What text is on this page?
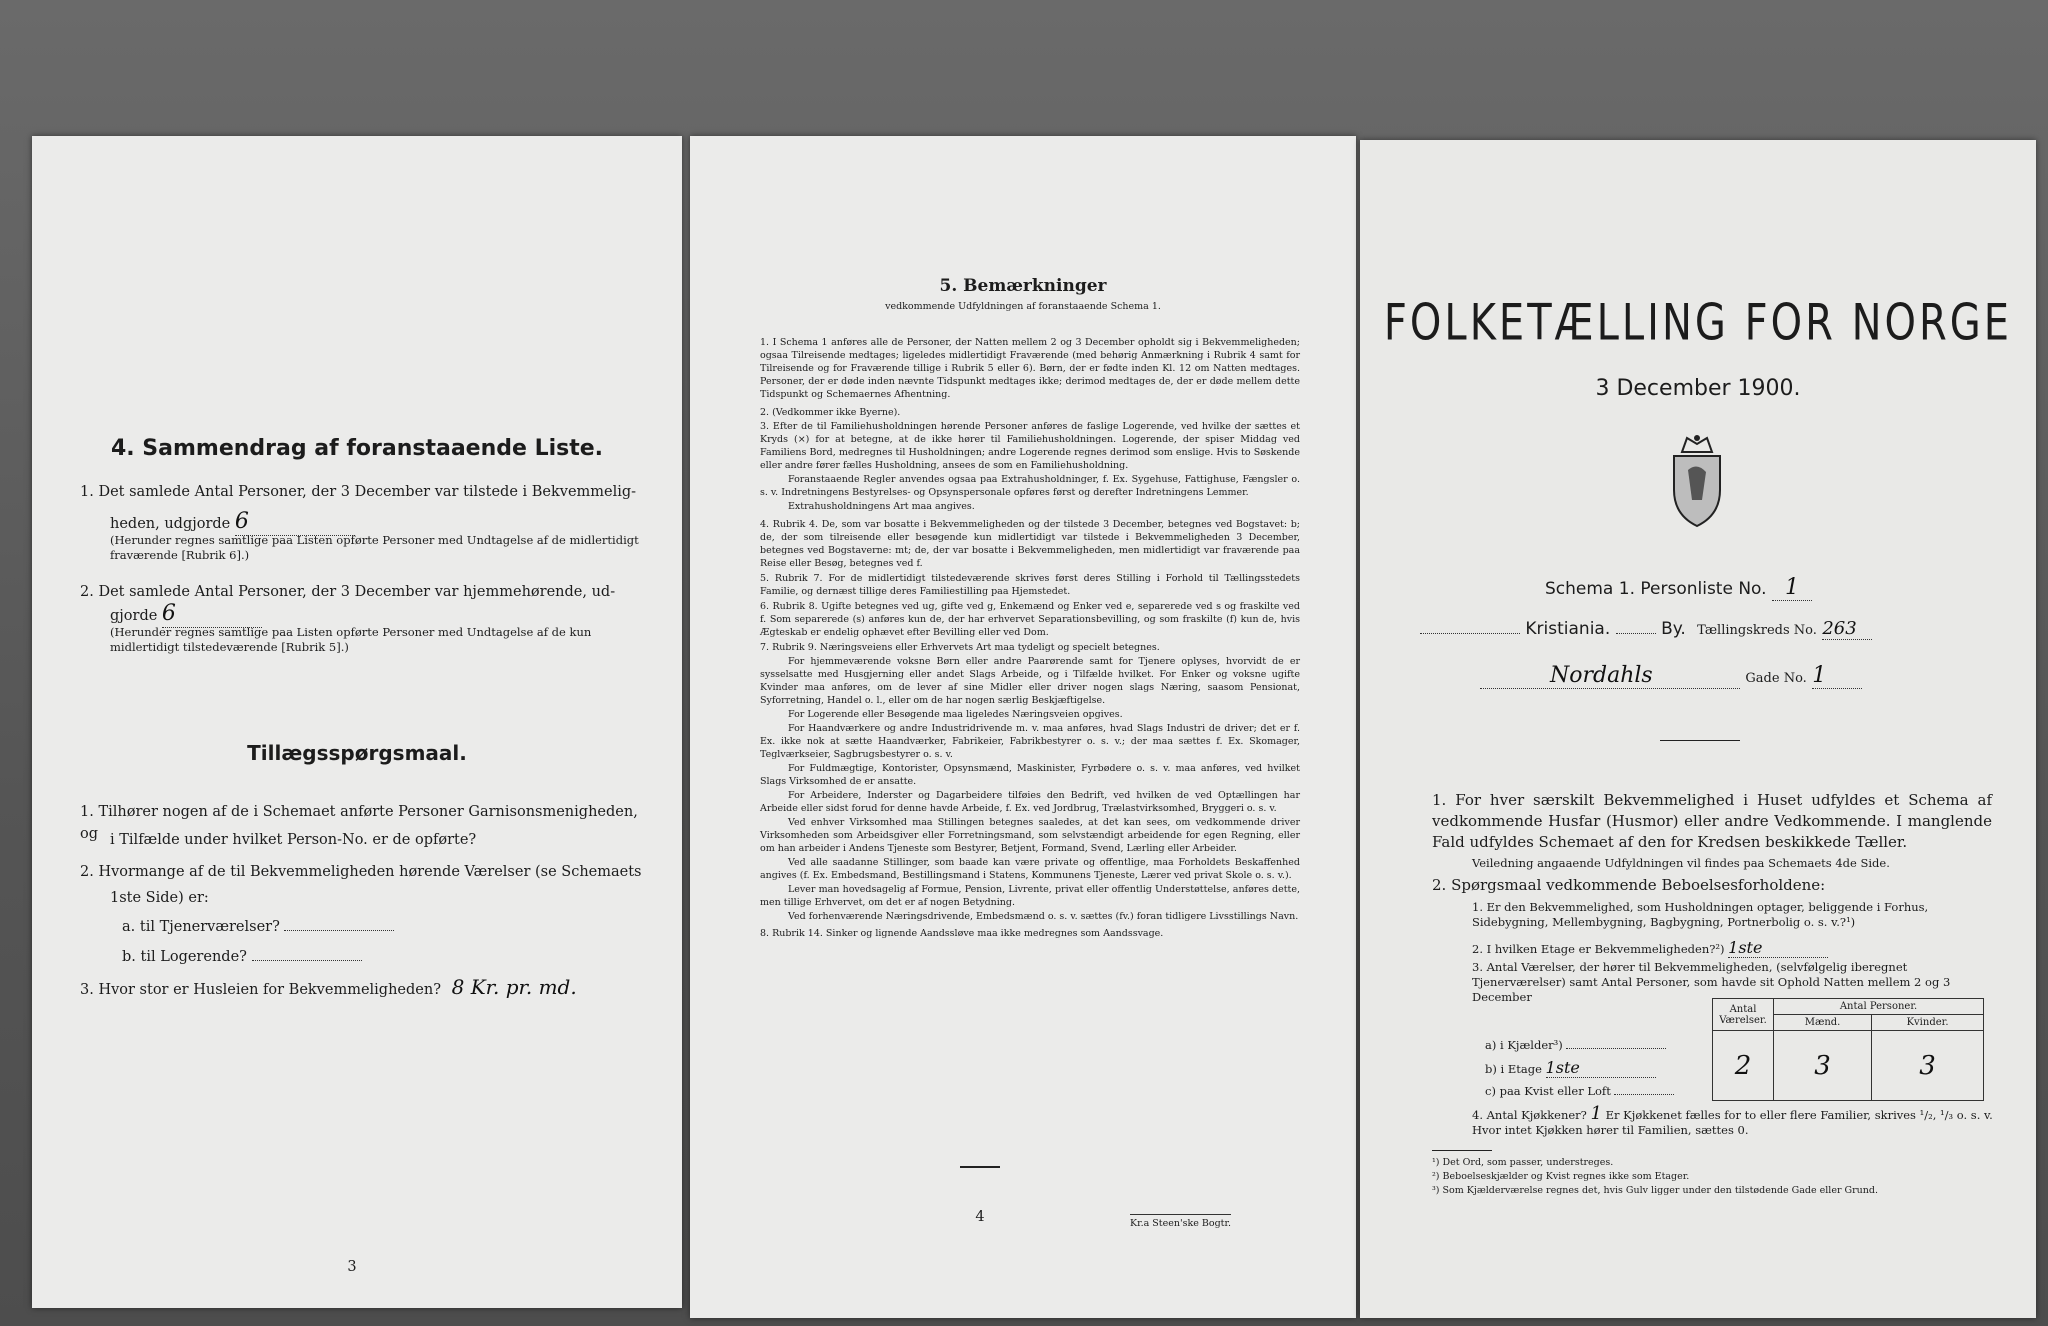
4. Sammendrag af foranstaaende Liste.
1. Det samlede Antal Personer, der 3 December var tilstede i Bekvemmelig-
heden, udgjorde 6
(Herunder regnes samtlige paa Listen opførte Personer med Undtagelse af de midlertidigt fraværende [Rubrik 6].)
2. Det samlede Antal Personer, der 3 December var hjemmehørende, ud-
gjorde 6
(Herunder regnes samtlige paa Listen opførte Personer med Undtagelse af de kun midlertidigt tilstedeværende [Rubrik 5].)
Tillægsspørgsmaal.
1. Tilhører nogen af de i Schemaet anførte Personer Garnisonsmenigheden, og i Tilfælde under hvilket Person-No. er de opførte?
2. Hvormange af de til Bekvemmeligheden hørende Værelser (se Schemaets
1ste Side) er:
a. til Tjenerværelser?
b. til Logerende?
3. Hvor stor er Husleien for Bekvemmeligheden? 8 Kr. pr. md.
3
5. Bemærkninger
vedkommende Udfyldningen af foranstaaende Schema 1.
1. I Schema 1 anføres alle de Personer, der Natten mellem 2 og 3 December opholdt sig i Bekvemmeligheden; ogsaa Tilreisende medtages; ligeledes midlertidigt Fraværende (med behørig Anmærkning i Rubrik 4 samt for Tilreisende og for Fraværende tillige i Rubrik 5 eller 6). Børn, der er fødte inden Kl. 12 om Natten medtages. Personer, der er døde inden nævnte Tidspunkt medtages ikke; derimod medtages de, der er døde mellem dette Tidspunkt og Schemaernes Afhentning.
2. (Vedkommer ikke Byerne).
3. Efter de til Familiehusholdningen hørende Personer anføres de faslige Logerende, ved hvilke der sættes et Kryds (×) for at betegne, at de ikke hører til Familiehusholdningen. Logerende, der spiser Middag ved Familiens Bord, medregnes til Husholdningen; andre Logerende regnes derimod som enslige. Hvis to Søskende eller andre fører fælles Husholdning, ansees de som en Familiehusholdning.
Foranstaaende Regler anvendes ogsaa paa Extrahusholdninger, f. Ex. Sygehuse, Fattighuse, Fængsler o. s. v. Indretningens Bestyrelses- og Opsynspersonale opføres først og derefter Indretningens Lemmer.
Extrahusholdningens Art maa angives.
4. Rubrik 4. De, som var bosatte i Bekvemmeligheden og der tilstede 3 December, betegnes ved Bogstavet: b; de, der som tilreisende eller besøgende kun midlertidigt var tilstede i Bekvemmeligheden 3 December, betegnes ved Bogstaverne: mt; de, der var bosatte i Bekvemmeligheden, men midlertidigt var fraværende paa Reise eller Besøg, betegnes ved f.
5. Rubrik 7. For de midlertidigt tilstedeværende skrives først deres Stilling i Forhold til Tællingsstedets Familie, og dernæst tillige deres Familiestilling paa Hjemstedet.
6. Rubrik 8. Ugifte betegnes ved ug, gifte ved g, Enkemænd og Enker ved e, separerede ved s og fraskilte ved f. Som separerede (s) anføres kun de, der har erhvervet Separationsbevilling, og som fraskilte (f) kun de, hvis Ægteskab er endelig ophævet efter Bevilling eller ved Dom.
7. Rubrik 9. Næringsveiens eller Erhvervets Art maa tydeligt og specielt betegnes.
For hjemmeværende voksne Børn eller andre Paarørende samt for Tjenere oplyses, hvorvidt de er sysselsatte med Husgjerning eller andet Slags Arbeide, og i Tilfælde hvilket. For Enker og voksne ugifte Kvinder maa anføres, om de lever af sine Midler eller driver nogen slags Næring, saasom Pensionat, Syforretning, Handel o. l., eller om de har nogen særlig Beskjæftigelse.
For Logerende eller Besøgende maa ligeledes Næringsveien opgives.
For Haandværkere og andre Industridrivende m. v. maa anføres, hvad Slags Industri de driver; det er f. Ex. ikke nok at sætte Haandværker, Fabrikeier, Fabrikbestyrer o. s. v.; der maa sættes f. Ex. Skomager, Teglværkseier, Sagbrugsbestyrer o. s. v.
For Fuldmægtige, Kontorister, Opsynsmænd, Maskinister, Fyrbødere o. s. v. maa anføres, ved hvilket Slags Virksomhed de er ansatte.
For Arbeidere, Inderster og Dagarbeidere tilføies den Bedrift, ved hvilken de ved Optællingen har Arbeide eller sidst forud for denne havde Arbeide, f. Ex. ved Jordbrug, Trælastvirksomhed, Bryggeri o. s. v.
Ved enhver Virksomhed maa Stillingen betegnes saaledes, at det kan sees, om vedkommende driver Virksomheden som Arbeidsgiver eller Forretningsmand, som selvstændigt arbeidende for egen Regning, eller om han arbeider i Andens Tjeneste som Bestyrer, Betjent, Formand, Svend, Lærling eller Arbeider.
Ved alle saadanne Stillinger, som baade kan være private og offentlige, maa Forholdets Beskaffenhed angives (f. Ex. Embedsmand, Bestillingsmand i Statens, Kommunens Tjeneste, Lærer ved privat Skole o. s. v.).
Lever man hovedsagelig af Formue, Pension, Livrente, privat eller offentlig Understøttelse, anføres dette, men tillige Erhvervet, om det er af nogen Betydning.
Ved forhenværende Næringsdrivende, Embedsmænd o. s. v. sættes (fv.) foran tidligere Livsstillings Navn.
8. Rubrik 14. Sinker og lignende Aandssløve maa ikke medregnes som Aandssvage.
4	Kr.a Steen'ske Bogtr.
FOLKETÆLLING FOR NORGE
3 December 1900.
Schema 1. Personliste No. 1
Kristiania.	By. Tællingskreds No. 263
Nordahls	Gade No. 1
1. For hver særskilt Bekvemmelighed i Huset udfyldes et Schema af vedkommende Husfar (Husmor) eller andre Vedkommende. I manglende Fald udfyldes Schemaet af den for Kredsen beskikkede Tæller.
Veiledning angaaende Udfyldningen vil findes paa Schemaets 4de Side.
2. Spørgsmaal vedkommende Beboelsesforholdene:
1. Er den Bekvemmelighed, som Husholdningen optager, beliggende i Forhus, Sidebygning, Mellembygning, Bagbygning, Portnerbolig o. s. v.?¹)
2. I hvilken Etage er Bekvemmeligheden?²) 1ste
3. Antal Værelser, der hører til Bekvemmeligheden, (selvfølgelig iberegnet Tjenerværelser) samt Antal Personer, som havde sit Ophold Natten mellem 2 og 3 December
Antal Værelser.	Antal Personer.	
	Mænd.	Kvinder.
2	3	3
a) i Kjælder³)
b) i Etage 1ste
c) paa Kvist eller Loft
4. Antal Kjøkkener? 1 Er Kjøkkenet fælles for to eller flere Familier, skrives ¹/₂, ¹/₃ o. s. v. Hvor intet Kjøkken hører til Familien, sættes 0.
¹) Det Ord, som passer, understreges.
²) Beboelseskjælder og Kvist regnes ikke som Etager.
³) Som Kjælderværelse regnes det, hvis Gulv ligger under den tilstødende Gade eller Grund.
